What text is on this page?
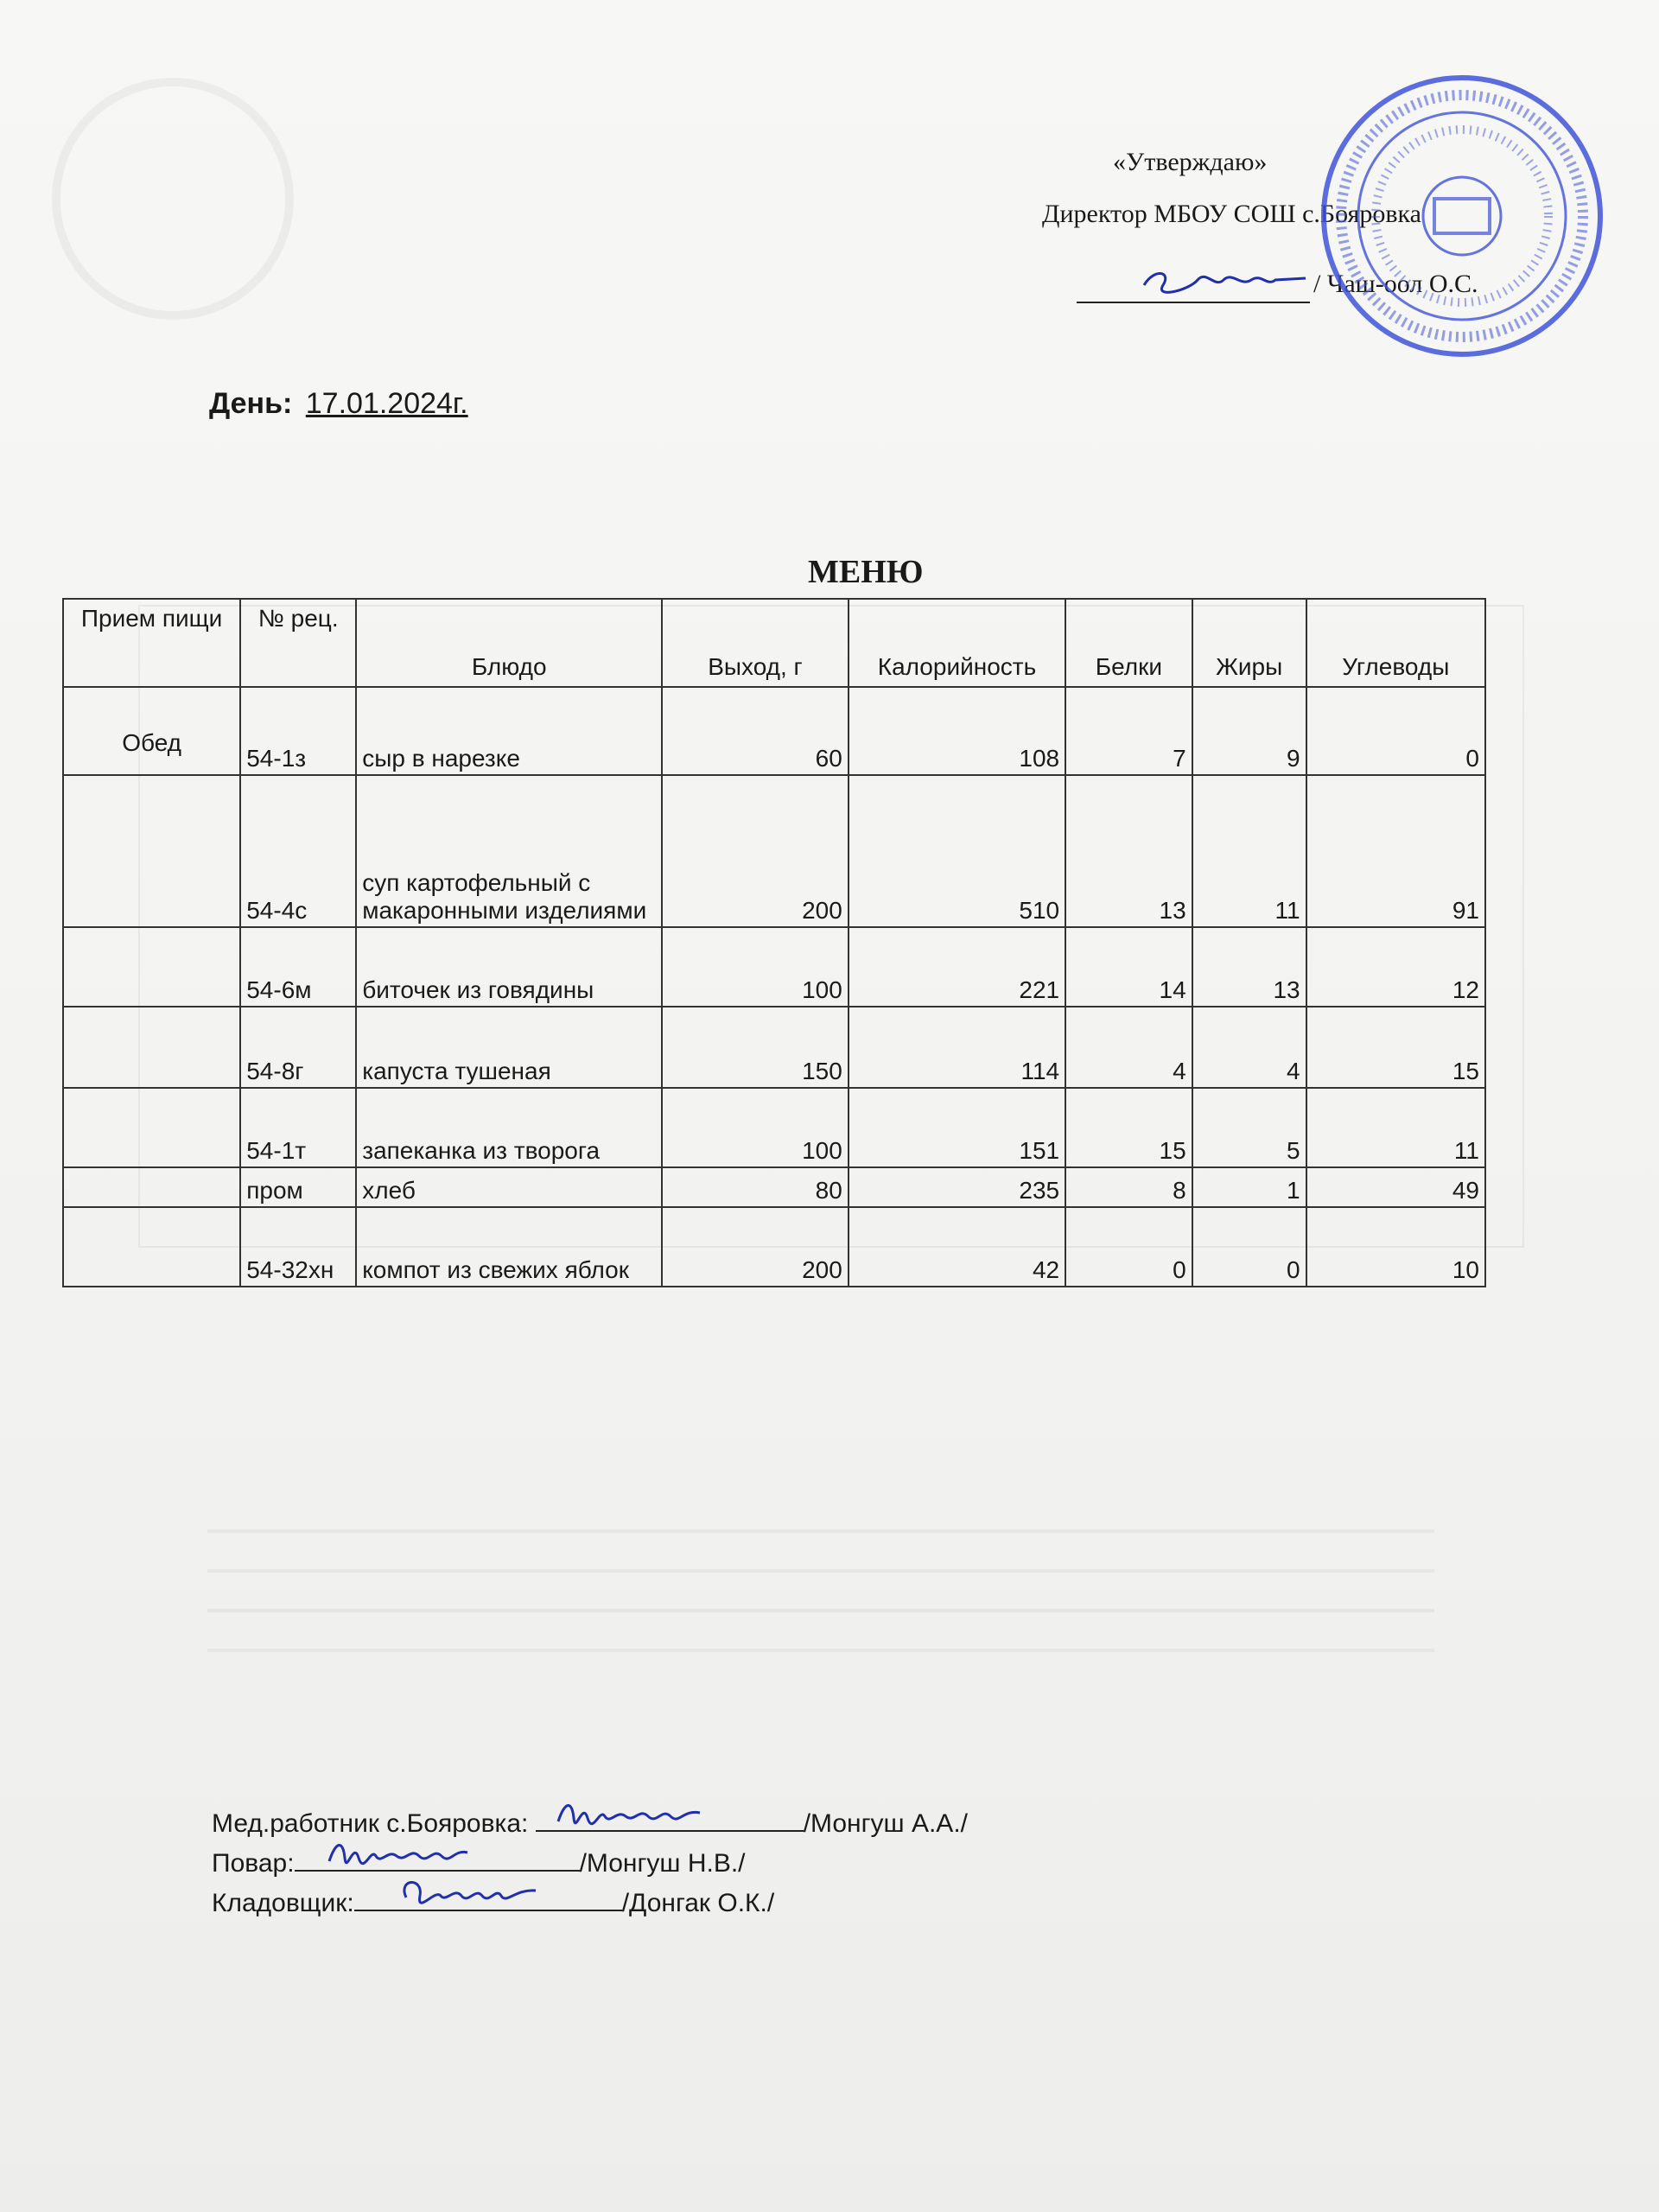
«Утверждаю»
Директор МБОУ СОШ с.Бояровка
/ Чаш-оол О.С.
День: 17.01.2024г.
МЕНЮ
Прием пищи	№ рец.	Блюдо	Выход, г	Калорийность	Белки	Жиры	Углеводы
Обед	54-1з	сыр в нарезке	60	108	7	9	0
	54-4с	суп картофельный с макаронными изделиями	200	510	13	11	91
	54-6м	биточек из говядины	100	221	14	13	12
	54-8г	капуста тушеная	150	114	4	4	15
	54-1т	запеканка из творога	100	151	15	5	11
	пром	хлеб	80	235	8	1	49
	54-32хн	компот из свежих яблок	200	42	0	0	10
Мед.работник с.Бояровка:	/Монгуш А.А./
Повар:	/Монгуш Н.В./
Кладовщик:	/Донгак О.К./
